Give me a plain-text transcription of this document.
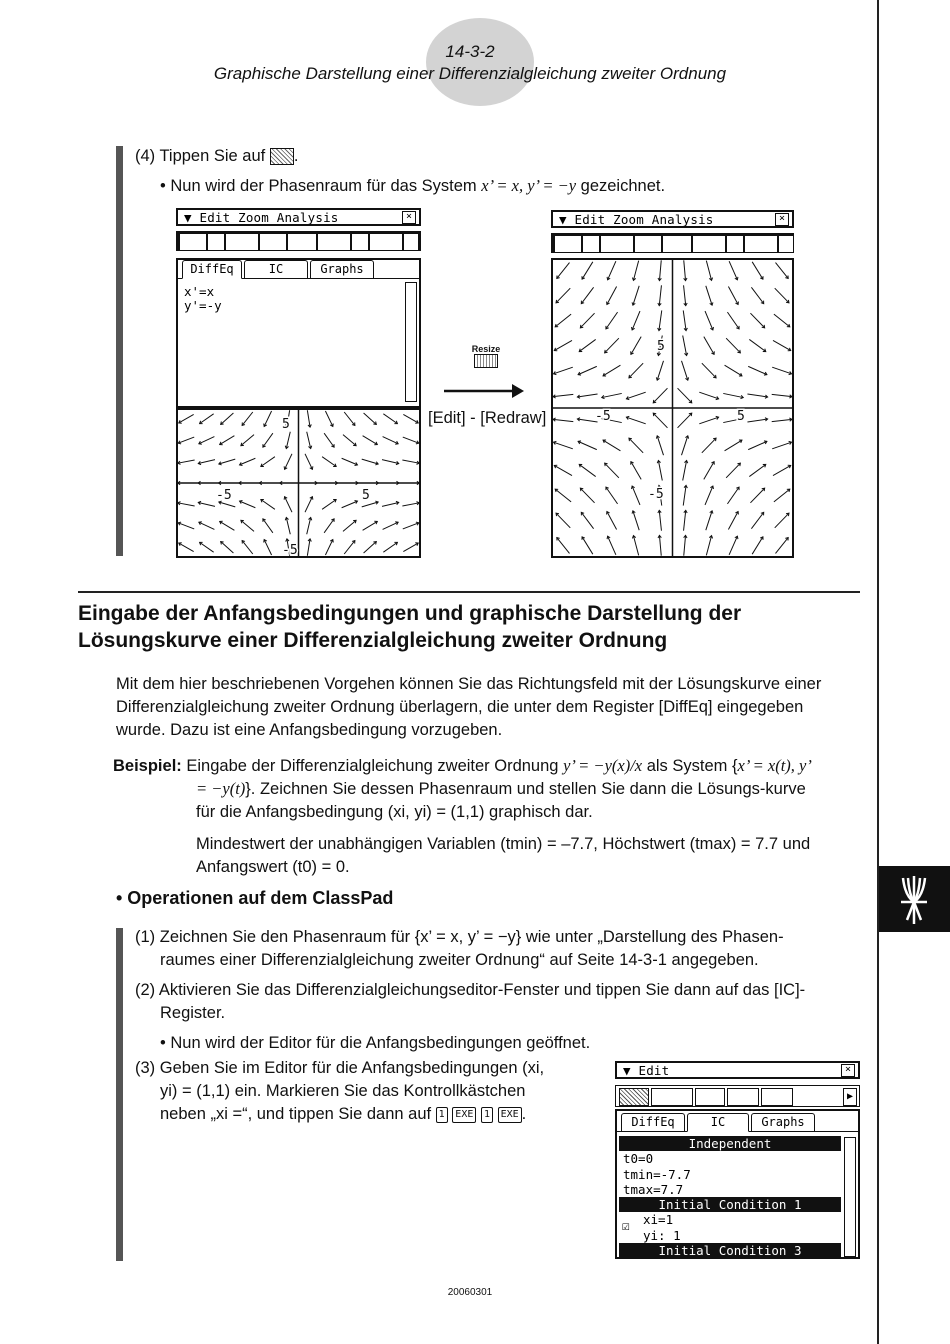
14-3-2
Graphische Darstellung einer Differenzialgleichung zweiter Ordnung
(4) Tippen Sie auf .
• Nun wird der Phasenraum für das System x’ = x, y’ = −y gezeichnet.
▼ Edit Zoom Analysis	×
DiffEq	IC	Graphs
x'=x
y'=-y
5
-5
5
-5
Resize
[Edit] - [Redraw]
▼ Edit Zoom Analysis	×
5
-5
-5	5
Eingabe der Anfangsbedingungen und graphische Darstellung der
Lösungskurve einer Differenzialgleichung zweiter Ordnung
Mit dem hier beschriebenen Vorgehen können Sie das Richtungsfeld mit der Lösungskurve einer
Differenzialgleichung zweiter Ordnung überlagern, die unter dem Register [DiffEq] eingegeben
wurde. Dazu ist eine Anfangsbedingung vorzugeben.
Beispiel: Eingabe der Differenzialgleichung zweiter Ordnung y’ = −y(x)/x als System {x’ = x(t), y’
= −y(t)}. Zeichnen Sie dessen Phasenraum und stellen Sie dann die Lösungs-kurve
für die Anfangsbedingung (xi, yi) = (1,1) graphisch dar.
Mindestwert der unabhängigen Variablen (tmin) = –7.7, Höchstwert (tmax) = 7.7 und
Anfangswert (t0) = 0.
• Operationen auf dem ClassPad
(1) Zeichnen Sie den Phasenraum für {x’ = x, y’ = −y} wie unter „Darstellung des Phasen-
raumes einer Differenzialgleichung zweiter Ordnung“ auf Seite 14-3-1 angegeben.
(2) Aktivieren Sie das Differenzialgleichungseditor-Fenster und tippen Sie dann auf das [IC]-
Register.
• Nun wird der Editor für die Anfangsbedingungen geöffnet.
(3) Geben Sie im Editor für die Anfangsbedingungen (xi,
yi) = (1,1) ein. Markieren Sie das Kontrollkästchen
neben „xi =“, und tippen Sie dann auf 1 EXE 1 EXE .
▼ Edit	×
▶
DiffEq	IC	Graphs
Independent
t0=0
tmin=-7.7
tmax=7.7
Initial Condition 1
☑ xi=1
yi: 1
Initial Condition 3
20060301
